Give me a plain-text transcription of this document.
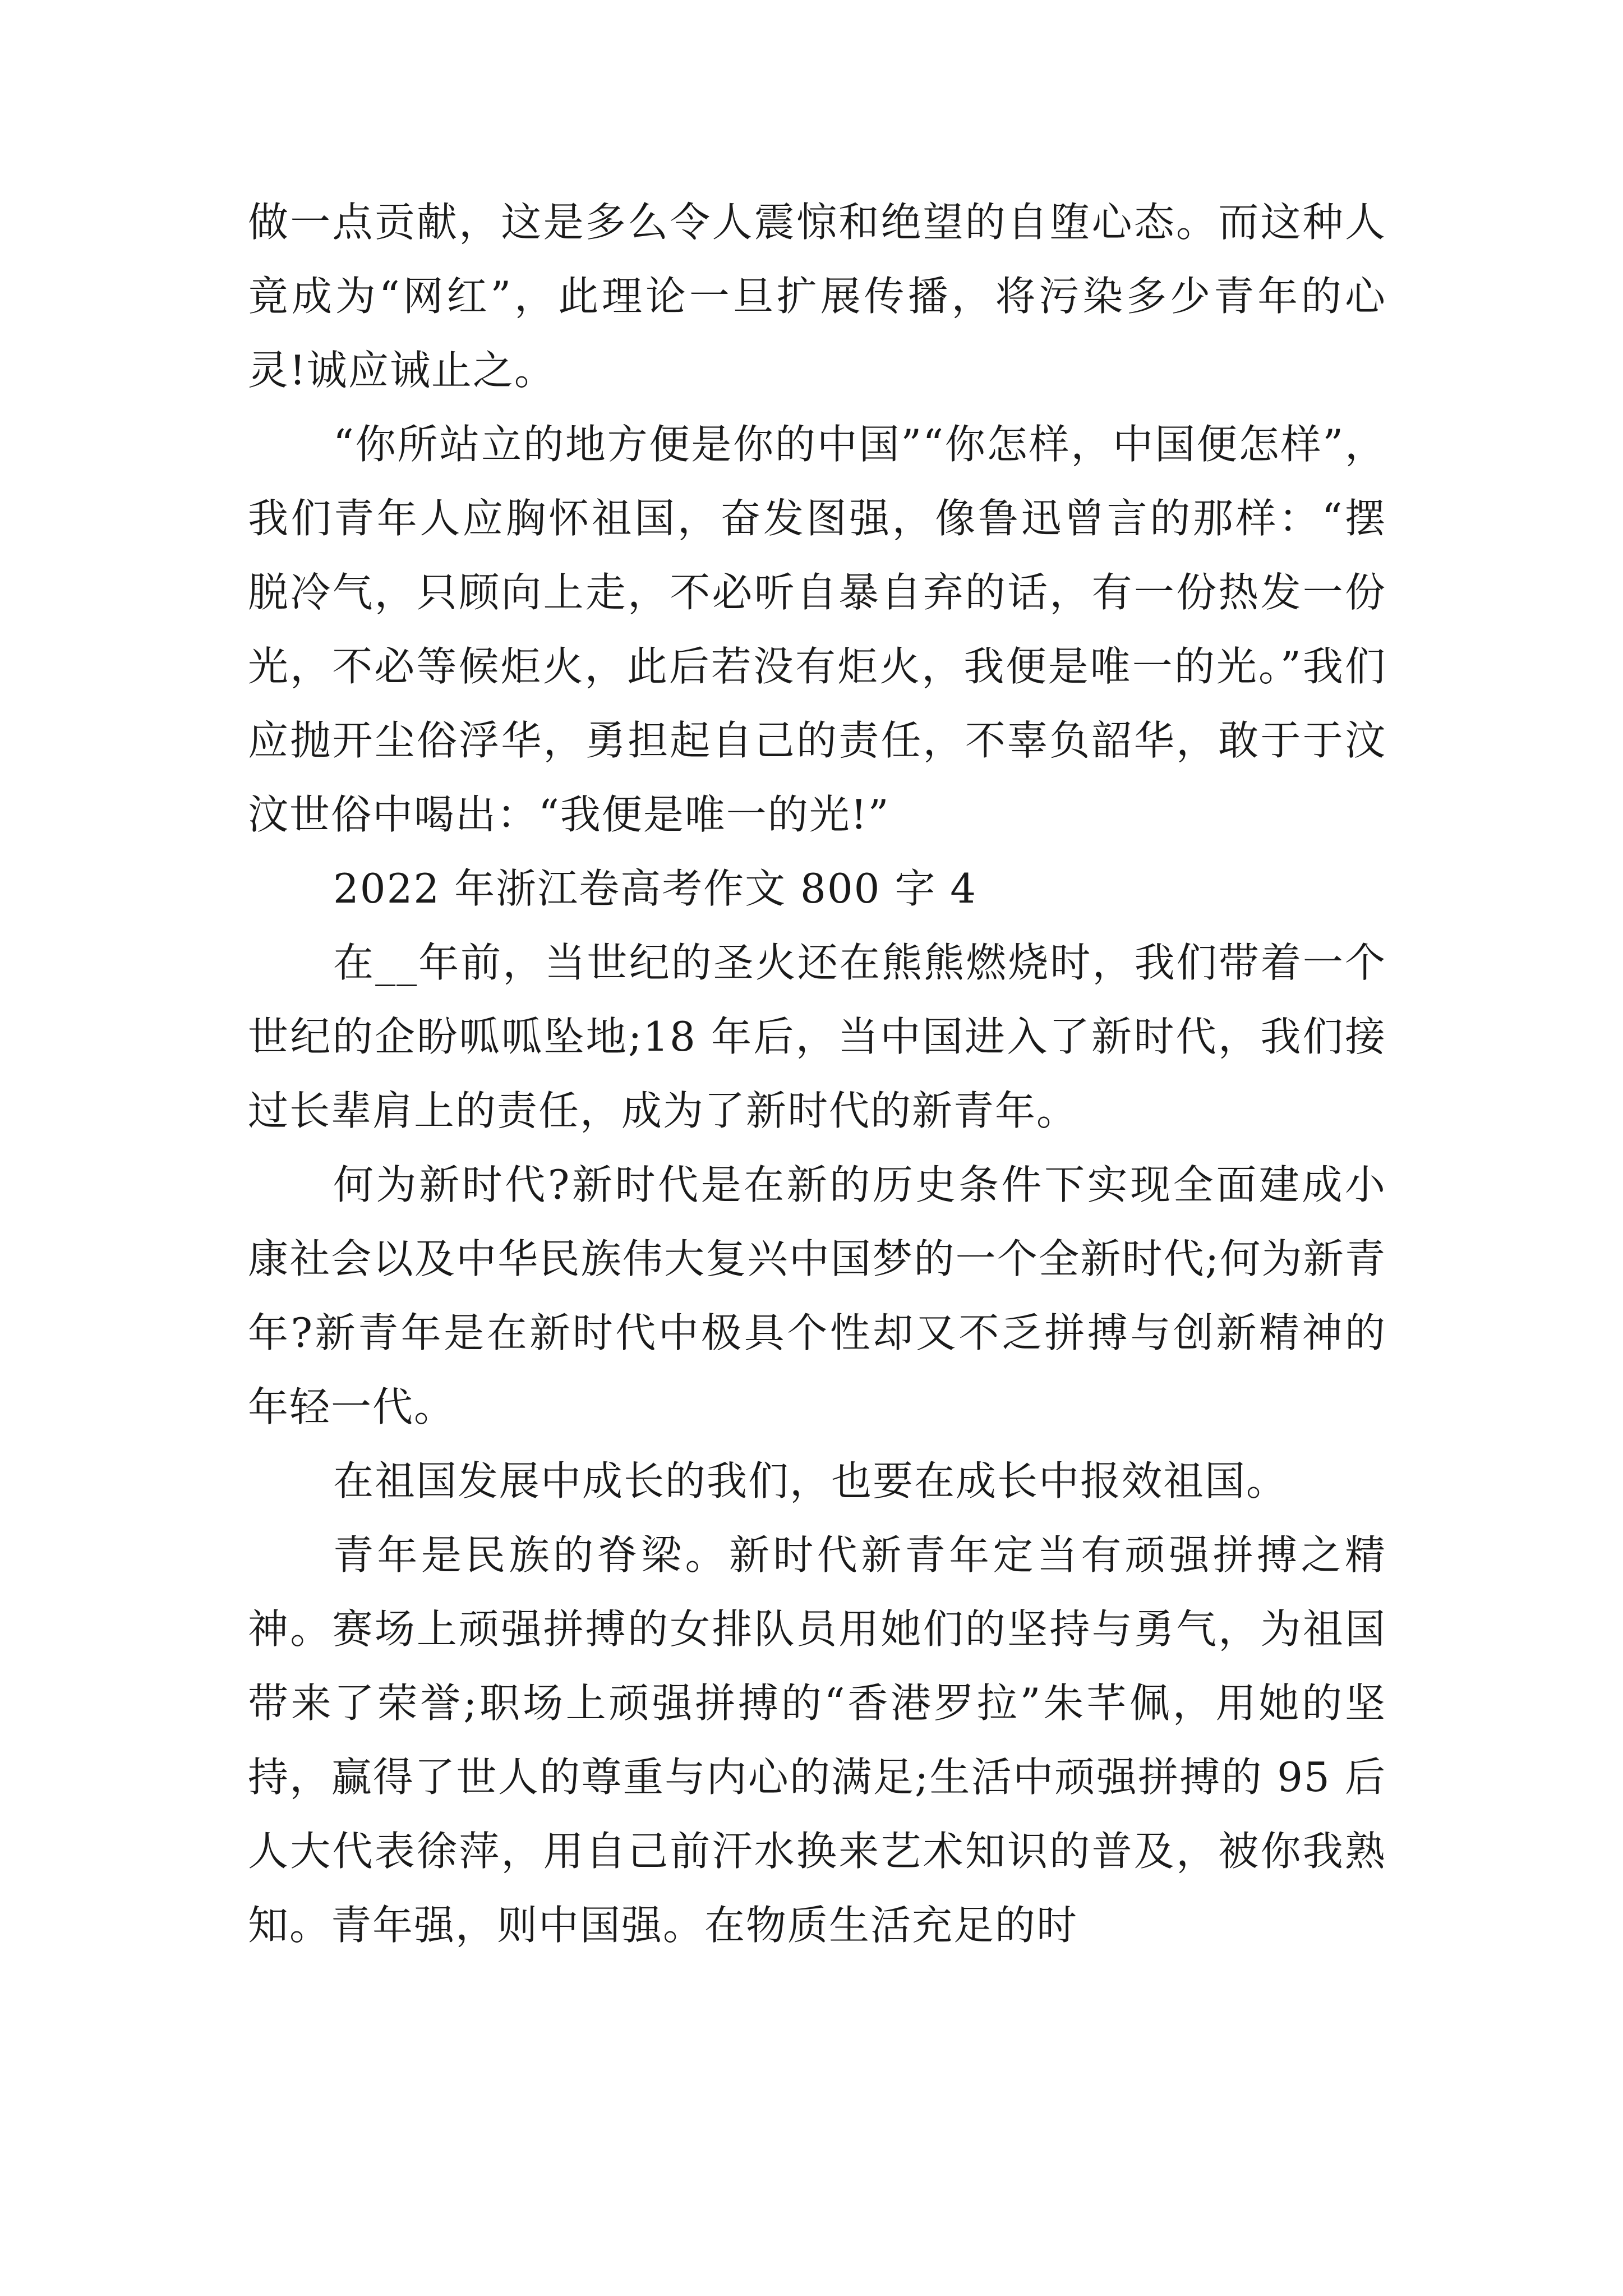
做一点贡献，这是多么令人震惊和绝望的自堕心态。而这种人竟成为“网红”，此理论一旦扩展传播，将污染多少青年的心灵!诚应诫止之。

“你所站立的地方便是你的中国”“你怎样，中国便怎样”，我们青年人应胸怀祖国，奋发图强，像鲁迅曾言的那样：“摆脱冷气，只顾向上走，不必听自暴自弃的话，有一份热发一份光，不必等候炬火，此后若没有炬火，我便是唯一的光。”我们应抛开尘俗浮华，勇担起自己的责任，不辜负韶华，敢于于汶汶世俗中喝出：“我便是唯一的光!”

2022 年浙江卷高考作文 800 字 4

在__年前，当世纪的圣火还在熊熊燃烧时，我们带着一个世纪的企盼呱呱坠地;18 年后，当中国进入了新时代，我们接过长辈肩上的责任，成为了新时代的新青年。

何为新时代?新时代是在新的历史条件下实现全面建成小康社会以及中华民族伟大复兴中国梦的一个全新时代;何为新青年?新青年是在新时代中极具个性却又不乏拼搏与创新精神的年轻一代。

在祖国发展中成长的我们，也要在成长中报效祖国。

青年是民族的脊梁。新时代新青年定当有顽强拼搏之精神。赛场上顽强拼搏的女排队员用她们的坚持与勇气，为祖国带来了荣誉;职场上顽强拼搏的“香港罗拉”朱芊佩，用她的坚持，赢得了世人的尊重与内心的满足;生活中顽强拼搏的 95 后人大代表徐萍，用自己前汗水换来艺术知识的普及，被你我熟知。青年强，则中国强。在物质生活充足的时
